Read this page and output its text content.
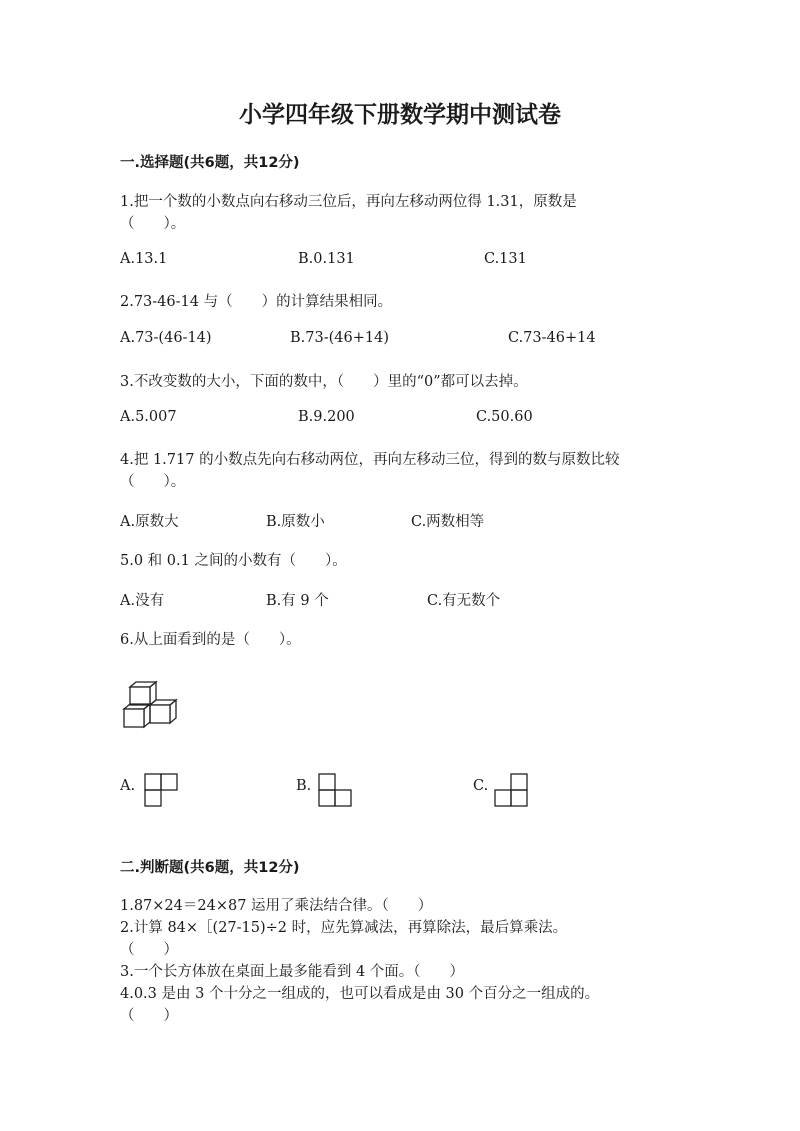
小学四年级下册数学期中测试卷
一.选择题(共6题，共12分)
1.把一个数的小数点向右移动三位后，再向左移动两位得 1.31，原数是
（　　）。
A.13.1	B.0.131	C.131
2.73-46-14 与（　　）的计算结果相同。
A.73-(46-14)	B.73-(46+14)	C.73-46+14
3.不改变数的大小，下面的数中，（　　）里的“0”都可以去掉。
A.5.007	B.9.200	C.50.60
4.把 1.717 的小数点先向右移动两位，再向左移动三位，得到的数与原数比较
（　　）。
A.原数大	B.原数小	C.两数相等
5.0 和 0.1 之间的小数有（　　）。
A.没有	B.有 9 个	C.有无数个
6.从上面看到的是（　　）。
A.	B.	C.
二.判断题(共6题，共12分)
1.87×24＝24×87 运用了乘法结合律。（　　）
2.计算 84×［(27-15)÷2 时，应先算减法，再算除法，最后算乘法。
（　　）
3.一个长方体放在桌面上最多能看到 4 个面。（　　）
4.0.3 是由 3 个十分之一组成的，也可以看成是由 30 个百分之一组成的。
（　　）
